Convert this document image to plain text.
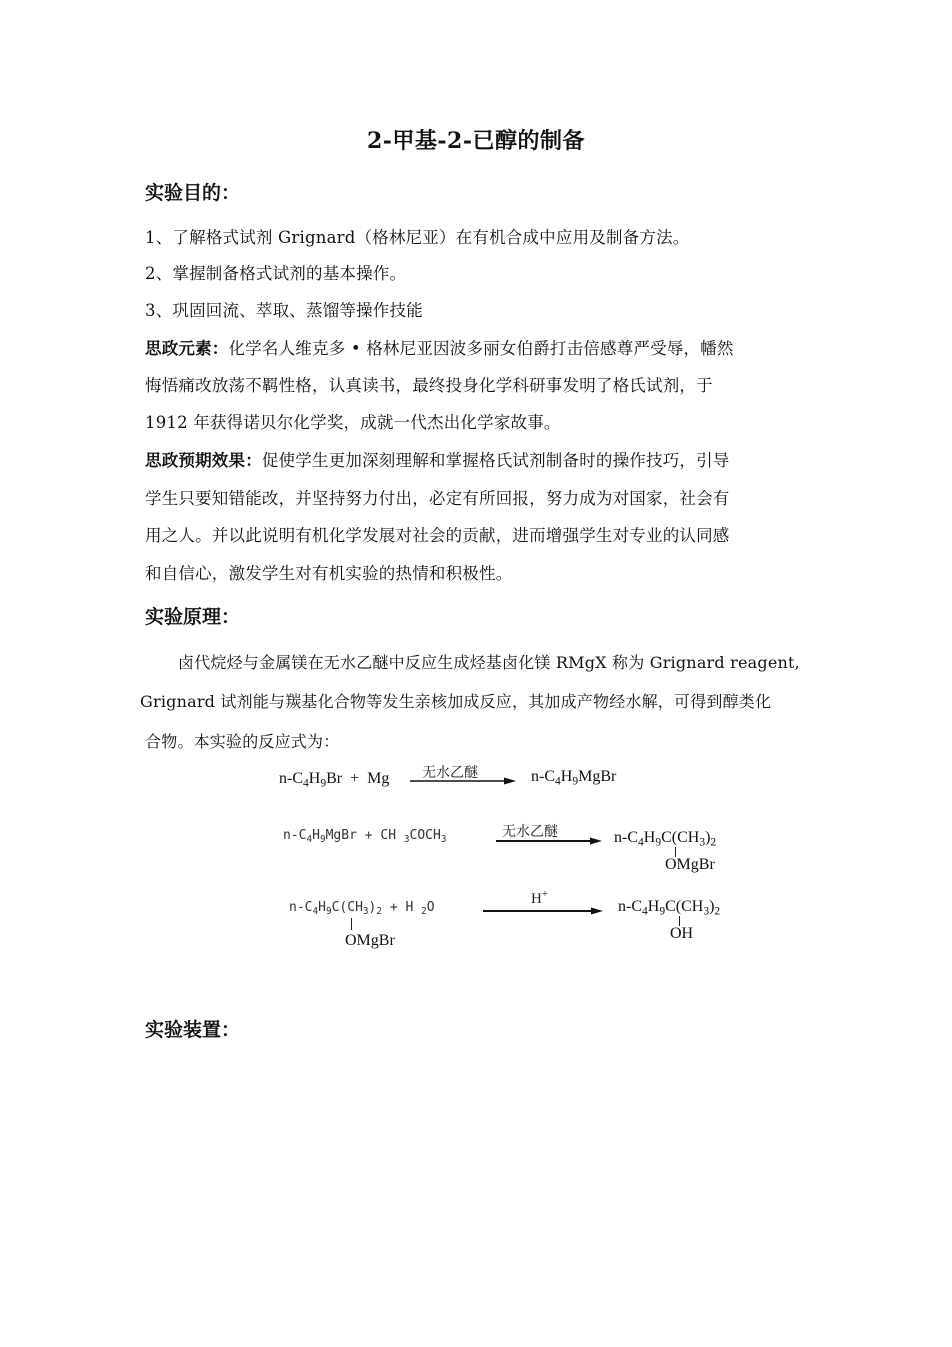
2-甲基-2-已醇的制备
实验目的：
1、了解格式试剂 Grignard（格林尼亚）在有机合成中应用及制备方法。
2、掌握制备格式试剂的基本操作。
3、巩固回流、萃取、蒸馏等操作技能
思政元素：化学名人维克多 • 格林尼亚因波多丽女伯爵打击倍感尊严受辱，幡然
悔悟痛改放荡不羁性格，认真读书，最终投身化学科研事发明了格氏试剂，于
1912 年获得诺贝尔化学奖，成就一代杰出化学家故事。
思政预期效果：促使学生更加深刻理解和掌握格氏试剂制备时的操作技巧，引导
学生只要知错能改，并坚持努力付出，必定有所回报，努力成为对国家，社会有
用之人。并以此说明有机化学发展对社会的贡献，进而增强学生对专业的认同感
和自信心，激发学生对有机实验的热情和积极性。
实验原理：
卤代烷烃与金属镁在无水乙醚中反应生成烃基卤化镁 RMgX 称为 Grignard reagent,
Grignard 试剂能与羰基化合物等发生亲核加成反应，其加成产物经水解，可得到醇类化
合物。本实验的反应式为：
$n-C_4H_9Br + Mg$ 无水乙醚	$n-C_4H_9MgBr$
$n-C_4H_9MgBr$ + CH $_3COCH_3$	无水乙醚	$n-C_4H_9C(CH_3)_2$
OMgBr
$n-C_4H_9C(CH_3)_2 + H$ $_2$O
OMgBr
H+
$n-C_4H_9C(CH_3)_2$
OH
实验装置：
